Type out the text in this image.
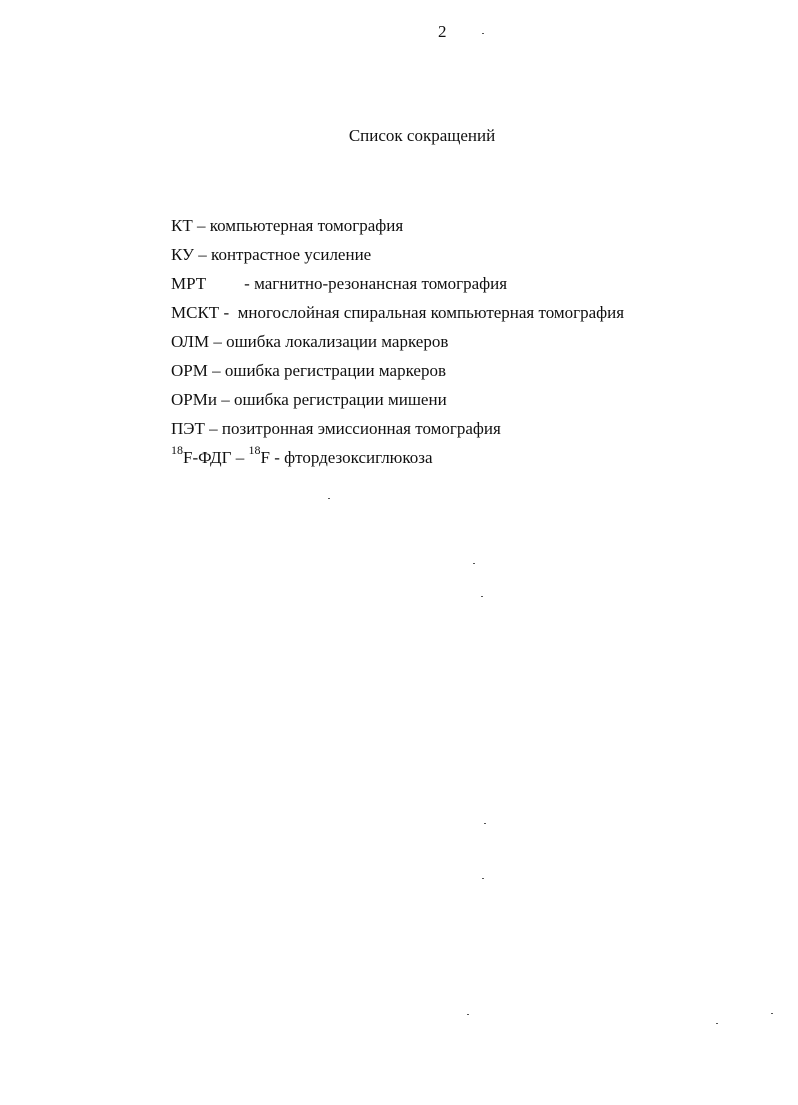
2
Список сокращений
КТ – компьютерная томография
КУ – контрастное усиление
МРТ - магнитно-резонансная томография
МСКТ - многослойная спиральная компьютерная томография
ОЛМ – ошибка локализации маркеров
ОРМ – ошибка регистрации маркеров
ОРМи – ошибка регистрации мишени
ПЭТ – позитронная эмиссионная томография
$^{18}$F-ФДГ – $^{18}$F - фтордезоксиглюкоза
